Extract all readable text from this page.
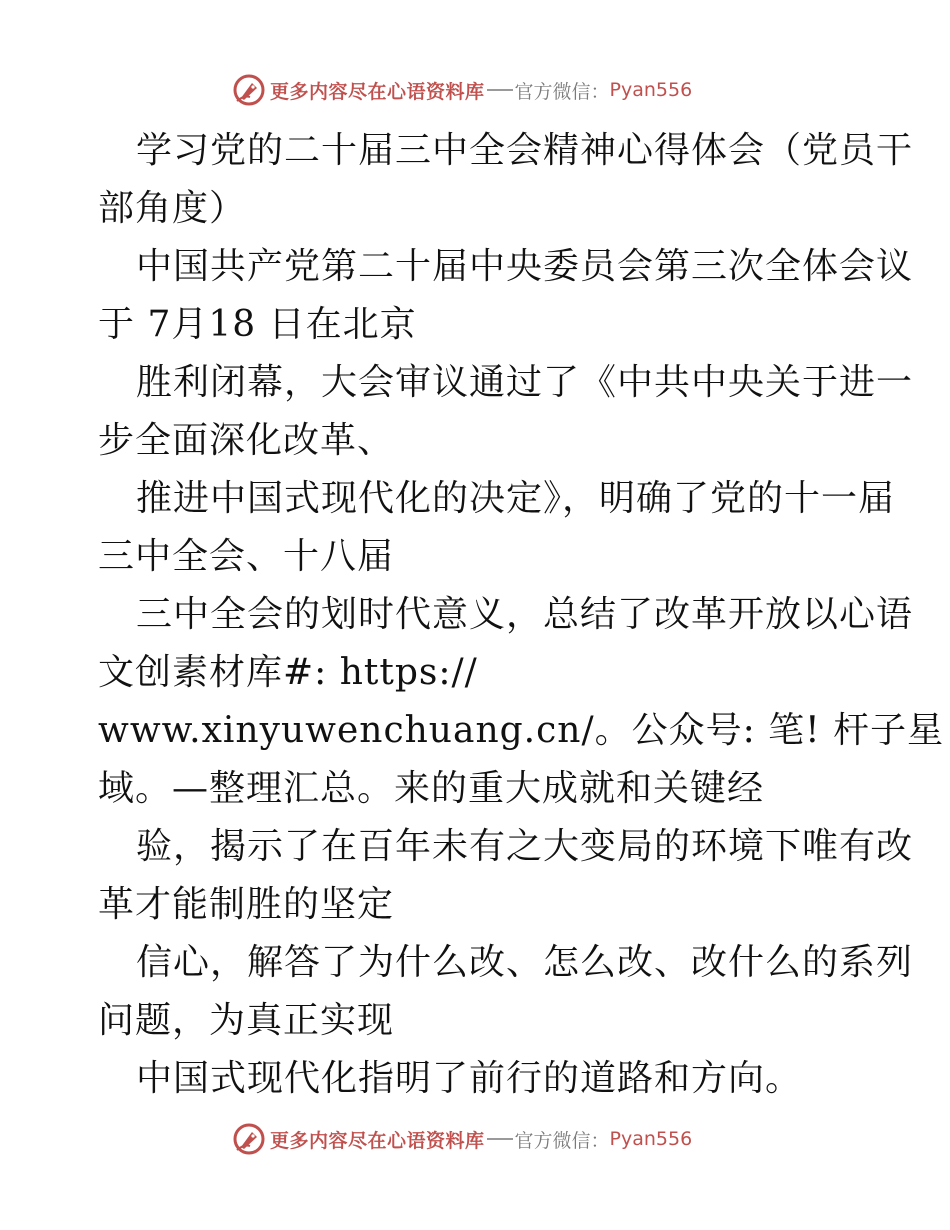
更多内容尽在心语资料库 官方微信： Pyan556
学习党的二十届三中全会精神心得体会（党员干
部角度）
中国共产党第二十届中央委员会第三次全体会议
于 7月18 日在北京
胜利闭幕，大会审议通过了《中共中央关于进一
步全面深化改革、
推进中国式现代化的决定》，明确了党的十一届
三中全会、十八届
三中全会的划时代意义，总结了改革开放以心语
文创素材库#: https://
www.xinyuwenchuang.cn/。公众号: 笔! 杆子星
域。—整理汇总。来的重大成就和关键经
验，揭示了在百年未有之大变局的环境下唯有改
革才能制胜的坚定
信心，解答了为什么改、怎么改、改什么的系列
问题，为真正实现
中国式现代化指明了前行的道路和方向。
更多内容尽在心语资料库 官方微信： Pyan556
